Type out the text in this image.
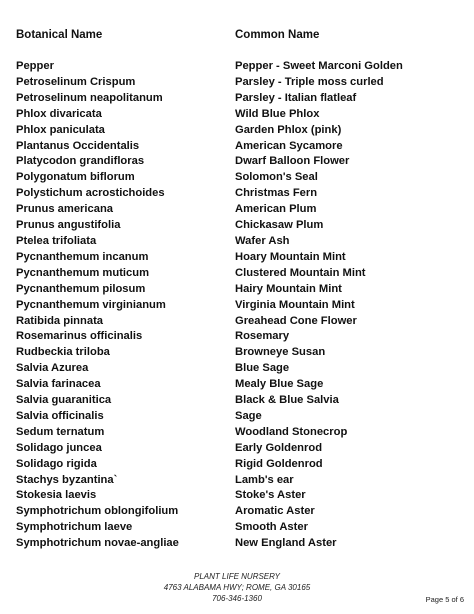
Botanical Name	Common Name
Pepper	Pepper - Sweet Marconi Golden
Petroselinum Crispum	Parsley - Triple moss curled
Petroselinum neapolitanum	Parsley - Italian flatleaf
Phlox divaricata	Wild Blue Phlox
Phlox paniculata	Garden Phlox (pink)
Plantanus Occidentalis	American Sycamore
Platycodon grandifloras	Dwarf Balloon Flower
Polygonatum biflorum	Solomon's Seal
Polystichum acrostichoides	Christmas Fern
Prunus americana	American Plum
Prunus angustifolia	Chickasaw Plum
Ptelea trifoliata	Wafer Ash
Pycnanthemum incanum	Hoary Mountain Mint
Pycnanthemum muticum	Clustered Mountain Mint
Pycnanthemum pilosum	Hairy Mountain Mint
Pycnanthemum virginianum	Virginia Mountain Mint
Ratibida pinnata	Greahead Cone Flower
Rosemarinus officinalis	Rosemary
Rudbeckia triloba	Browneye Susan
Salvia Azurea	Blue Sage
Salvia farinacea	Mealy Blue Sage
Salvia guaranitica	Black & Blue Salvia
Salvia officinalis	Sage
Sedum ternatum	Woodland Stonecrop
Solidago juncea	Early Goldenrod
Solidago rigida	Rigid Goldenrod
Stachys byzantina`	Lamb's ear
Stokesia laevis	Stoke's Aster
Symphotrichum oblongifolium	Aromatic Aster
Symphotrichum laeve	Smooth Aster
Symphotrichum novae-angliae	New England Aster
PLANT LIFE NURSERY
4763 ALABAMA HWY; ROME, GA 30165
706-346-1360	Page 5 of 6
